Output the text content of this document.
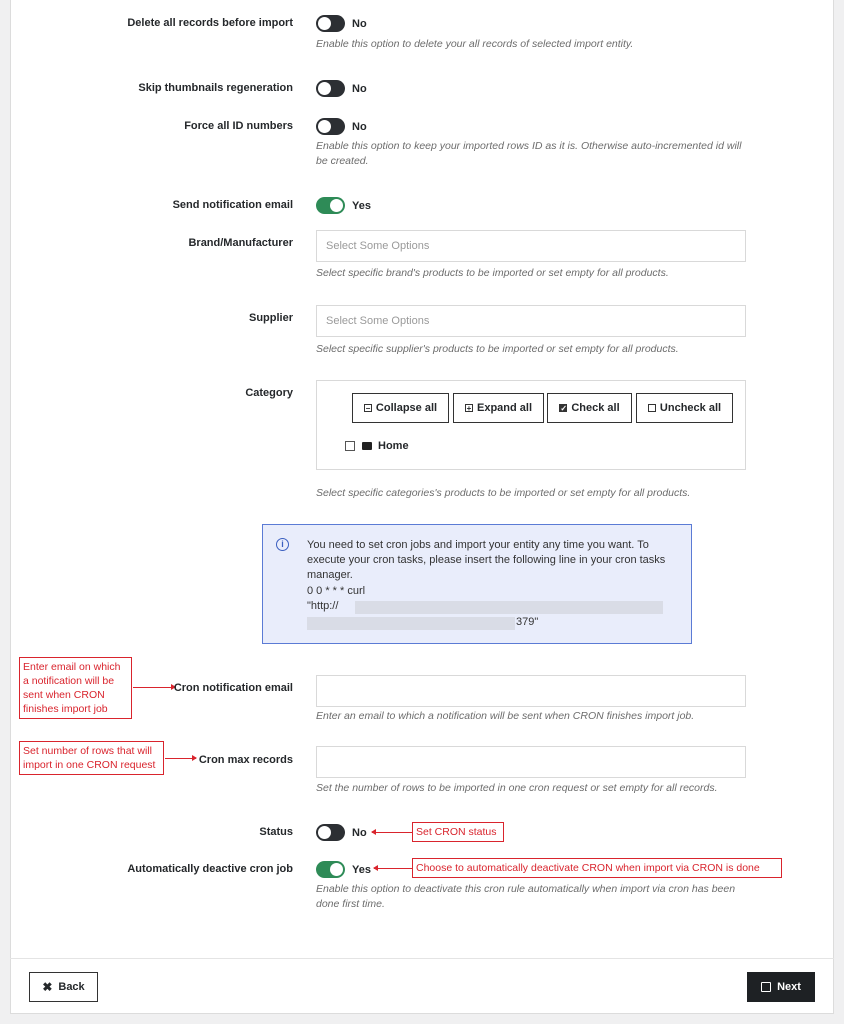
Delete all records before import	No
Enable this option to delete your all records of selected import entity.
Skip thumbnails regeneration	No
Force all ID numbers	No
Enable this option to keep your imported rows ID as it is. Otherwise auto-incremented id will be created.
Send notification email	Yes
Brand/Manufacturer	Select Some Options
Select specific brand's products to be imported or set empty for all products.
Supplier	Select Some Options
Select specific supplier's products to be imported or set empty for all products.
Category
− Collapse all	+ Expand all	✓ Check all	Uncheck all
Home
Select specific categories's products to be imported or set empty for all products.
i	You need to set cron jobs and import your entity any time you want. To execute your cron tasks, please insert the following line in your cron tasks manager.
0 0 * * * curl
"http://
379"
Enter email on which a notification will be sent when CRON finishes import job
Cron notification email
Enter an email to which a notification will be sent when CRON finishes import job.
Set number of rows that will import in one CRON request	Cron max records
Set the number of rows to be imported in one cron request or set empty for all records.
Status	No	Set CRON status
Automatically deactive cron job	Yes	Choose to automatically deactivate CRON when import via CRON is done
Enable this option to deactivate this cron rule automatically when import via cron has been done first time.
✖ Back	Next
